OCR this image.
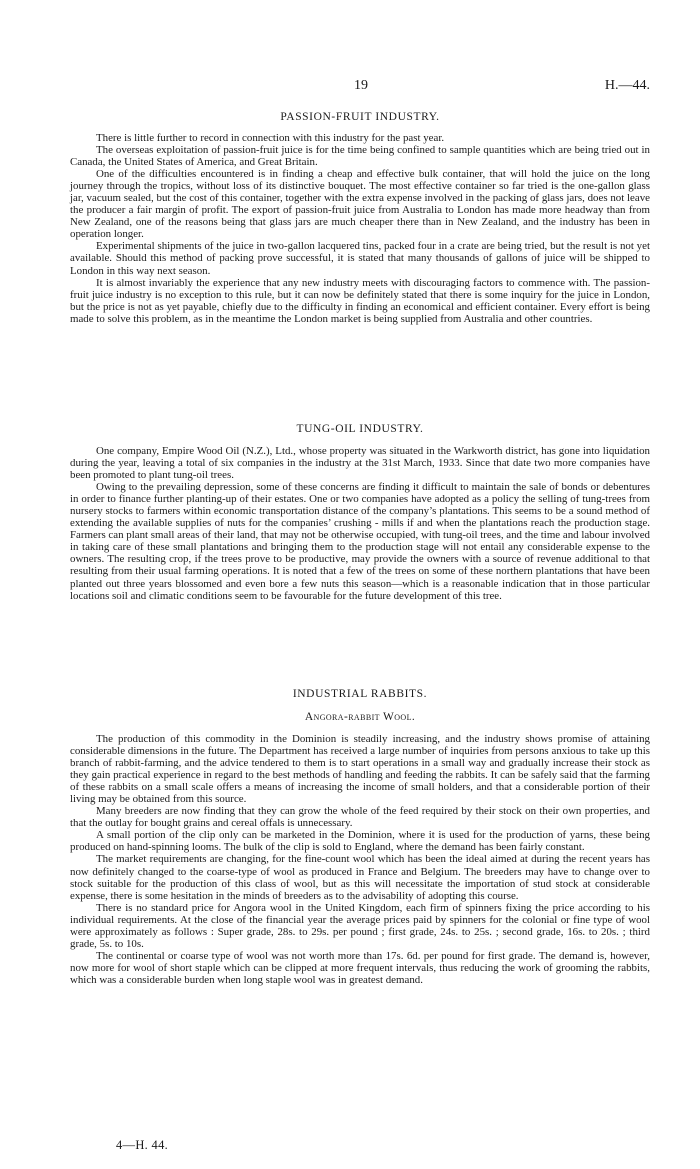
19	H.—44.
PASSION-FRUIT INDUSTRY.

There is little further to record in connection with this industry for the past year.

The overseas exploitation of passion-fruit juice is for the time being confined to sample quantities which are being tried out in Canada, the United States of America, and Great Britain.

One of the difficulties encountered is in finding a cheap and effective bulk container, that will hold the juice on the long journey through the tropics, without loss of its distinctive bouquet. The most effective container so far tried is the one-gallon glass jar, vacuum sealed, but the cost of this container, together with the extra expense involved in the packing of glass jars, does not leave the producer a fair margin of profit. The export of passion-fruit juice from Australia to London has made more headway than from New Zealand, one of the reasons being that glass jars are much cheaper there than in New Zealand, and the industry has been in operation longer.

Experimental shipments of the juice in two-gallon lacquered tins, packed four in a crate are being tried, but the result is not yet available. Should this method of packing prove successful, it is stated that many thousands of gallons of juice will be shipped to London in this way next season.

It is almost invariably the experience that any new industry meets with discouraging factors to commence with. The passion-fruit juice industry is no exception to this rule, but it can now be definitely stated that there is some inquiry for the juice in London, but the price is not as yet payable, chiefly due to the difficulty in finding an economical and efficient container. Every effort is being made to solve this problem, as in the meantime the London market is being supplied from Australia and other countries.

TUNG-OIL INDUSTRY.

One company, Empire Wood Oil (N.Z.), Ltd., whose property was situated in the Warkworth district, has gone into liquidation during the year, leaving a total of six companies in the industry at the 31st March, 1933. Since that date two more companies have been promoted to plant tung-oil trees.

Owing to the prevailing depression, some of these concerns are finding it difficult to maintain the sale of bonds or debentures in order to finance further planting-up of their estates. One or two companies have adopted as a policy the selling of tung-trees from nursery stocks to farmers within economic transportation distance of the company’s plantations. This seems to be a sound method of extending the available supplies of nuts for the companies’ crushing - mills if and when the plantations reach the production stage. Farmers can plant small areas of their land, that may not be otherwise occupied, with tung-oil trees, and the time and labour involved in taking care of these small plantations and bringing them to the production stage will not entail any considerable expense to the owners. The resulting crop, if the trees prove to be productive, may provide the owners with a source of revenue additional to that resulting from their usual farming operations. It is noted that a few of the trees on some of these northern plantations that have been planted out three years blossomed and even bore a few nuts this season—which is a reasonable indication that in those particular locations soil and climatic conditions seem to be favourable for the future development of this tree.

INDUSTRIAL RABBITS.
Angora-rabbit Wool.

The production of this commodity in the Dominion is steadily increasing, and the industry shows promise of attaining considerable dimensions in the future. The Department has received a large number of inquiries from persons anxious to take up this branch of rabbit-farming, and the advice tendered to them is to start operations in a small way and gradually increase their stock as they gain practical experience in regard to the best methods of handling and feeding the rabbits. It can be safely said that the farming of these rabbits on a small scale offers a means of increasing the income of small holders, and that a considerable portion of their living may be obtained from this source.

Many breeders are now finding that they can grow the whole of the feed required by their stock on their own properties, and that the outlay for bought grains and cereal offals is unnecessary.

A small portion of the clip only can be marketed in the Dominion, where it is used for the production of yarns, these being produced on hand-spinning looms. The bulk of the clip is sold to England, where the demand has been fairly constant.

The market requirements are changing, for the fine-count wool which has been the ideal aimed at during the recent years has now definitely changed to the coarse-type of wool as produced in France and Belgium. The breeders may have to change over to stock suitable for the production of this class of wool, but as this will necessitate the importation of stud stock at considerable expense, there is some hesitation in the minds of breeders as to the advisability of adopting this course.

There is no standard price for Angora wool in the United Kingdom, each firm of spinners fixing the price according to his individual requirements. At the close of the financial year the average prices paid by spinners for the colonial or fine type of wool were approximately as follows : Super grade, 28s. to 29s. per pound ; first grade, 24s. to 25s. ; second grade, 16s. to 20s. ; third grade, 5s. to 10s.

The continental or coarse type of wool was not worth more than 17s. 6d. per pound for first grade. The demand is, however, now more for wool of short staple which can be clipped at more frequent intervals, thus reducing the work of grooming the rabbits, which was a considerable burden when long staple wool was in greatest demand.

4—H. 44.
